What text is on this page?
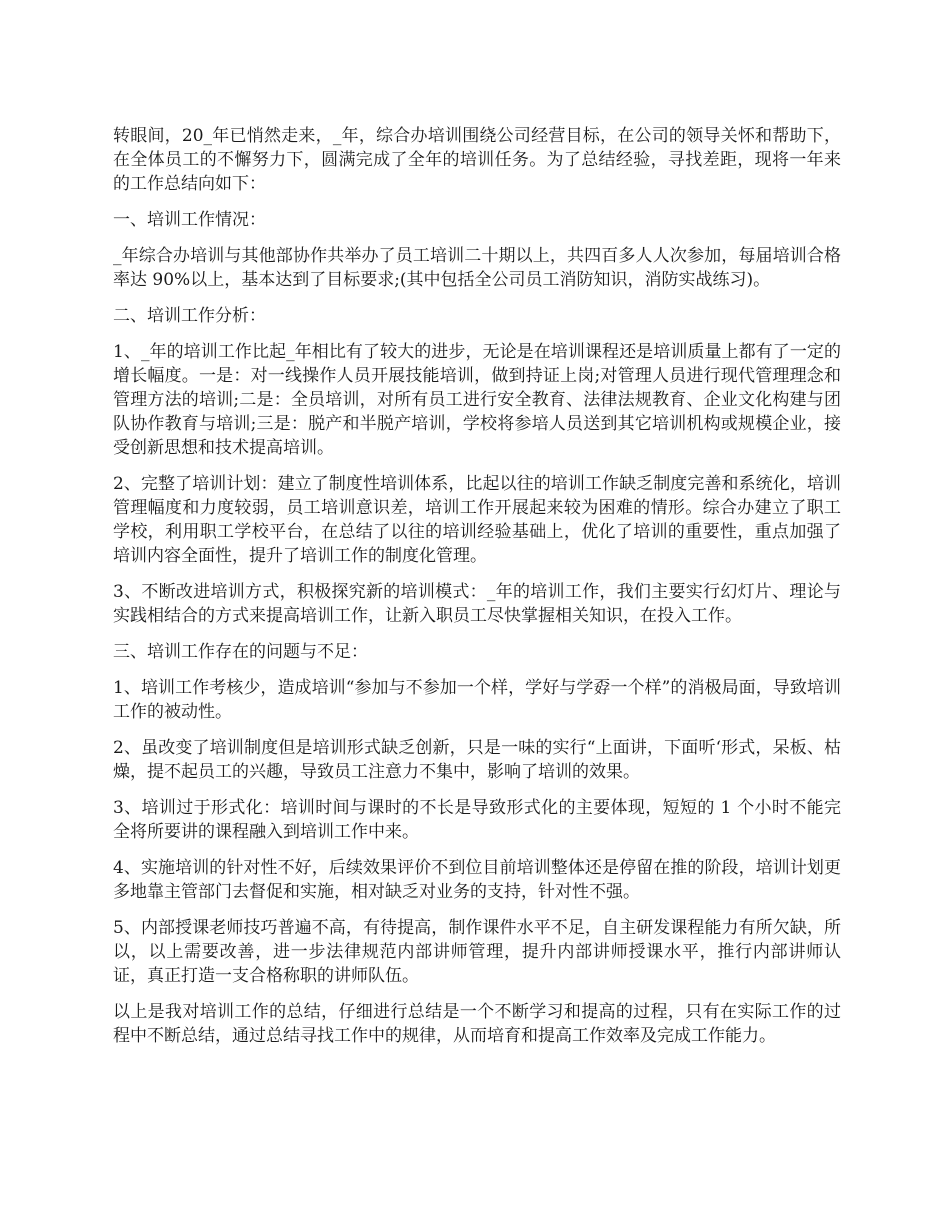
转眼间，20_年已悄然走来，_年，综合办培训围绕公司经营目标，在公司的领导关怀和帮助下，在全体员工的不懈努力下，圆满完成了全年的培训任务。为了总结经验，寻找差距，现将一年来的工作总结向如下：

一、培训工作情况：

_年综合办培训与其他部协作共举办了员工培训二十期以上，共四百多人人次参加，每届培训合格率达 90%以上，基本达到了目标要求;(其中包括全公司员工消防知识，消防实战练习)。

二、培训工作分析：

1、_年的培训工作比起_年相比有了较大的进步，无论是在培训课程还是培训质量上都有了一定的增长幅度。一是：对一线操作人员开展技能培训，做到持证上岗;对管理人员进行现代管理理念和管理方法的培训;二是：全员培训，对所有员工进行安全教育、法律法规教育、企业文化构建与团队协作教育与培训;三是：脱产和半脱产培训，学校将参培人员送到其它培训机构或规模企业，接受创新思想和技术提高培训。

2、完整了培训计划：建立了制度性培训体系，比起以往的培训工作缺乏制度完善和系统化，培训管理幅度和力度较弱，员工培训意识差，培训工作开展起来较为困难的情形。综合办建立了职工学校，利用职工学校平台，在总结了以往的培训经验基础上，优化了培训的重要性，重点加强了培训内容全面性，提升了培训工作的制度化管理。

3、不断改进培训方式，积极探究新的培训模式：_年的培训工作，我们主要实行幻灯片、理论与实践相结合的方式来提高培训工作，让新入职员工尽快掌握相关知识，在投入工作。

三、培训工作存在的问题与不足：

1、培训工作考核少，造成培训“参加与不参加一个样，学好与学孬一个样”的消极局面，导致培训工作的被动性。

2、虽改变了培训制度但是培训形式缺乏创新，只是一味的实行“上面讲，下面听‘形式，呆板、枯燥，提不起员工的兴趣，导致员工注意力不集中，影响了培训的效果。

3、培训过于形式化：培训时间与课时的不长是导致形式化的主要体现，短短的 1 个小时不能完全将所要讲的课程融入到培训工作中来。

4、实施培训的针对性不好，后续效果评价不到位目前培训整体还是停留在推的阶段，培训计划更多地靠主管部门去督促和实施，相对缺乏对业务的支持，针对性不强。

5、内部授课老师技巧普遍不高，有待提高，制作课件水平不足，自主研发课程能力有所欠缺，所以，以上需要改善，进一步法律规范内部讲师管理，提升内部讲师授课水平，推行内部讲师认证，真正打造一支合格称职的讲师队伍。

以上是我对培训工作的总结，仔细进行总结是一个不断学习和提高的过程，只有在实际工作的过程中不断总结，通过总结寻找工作中的规律，从而培育和提高工作效率及完成工作能力。
